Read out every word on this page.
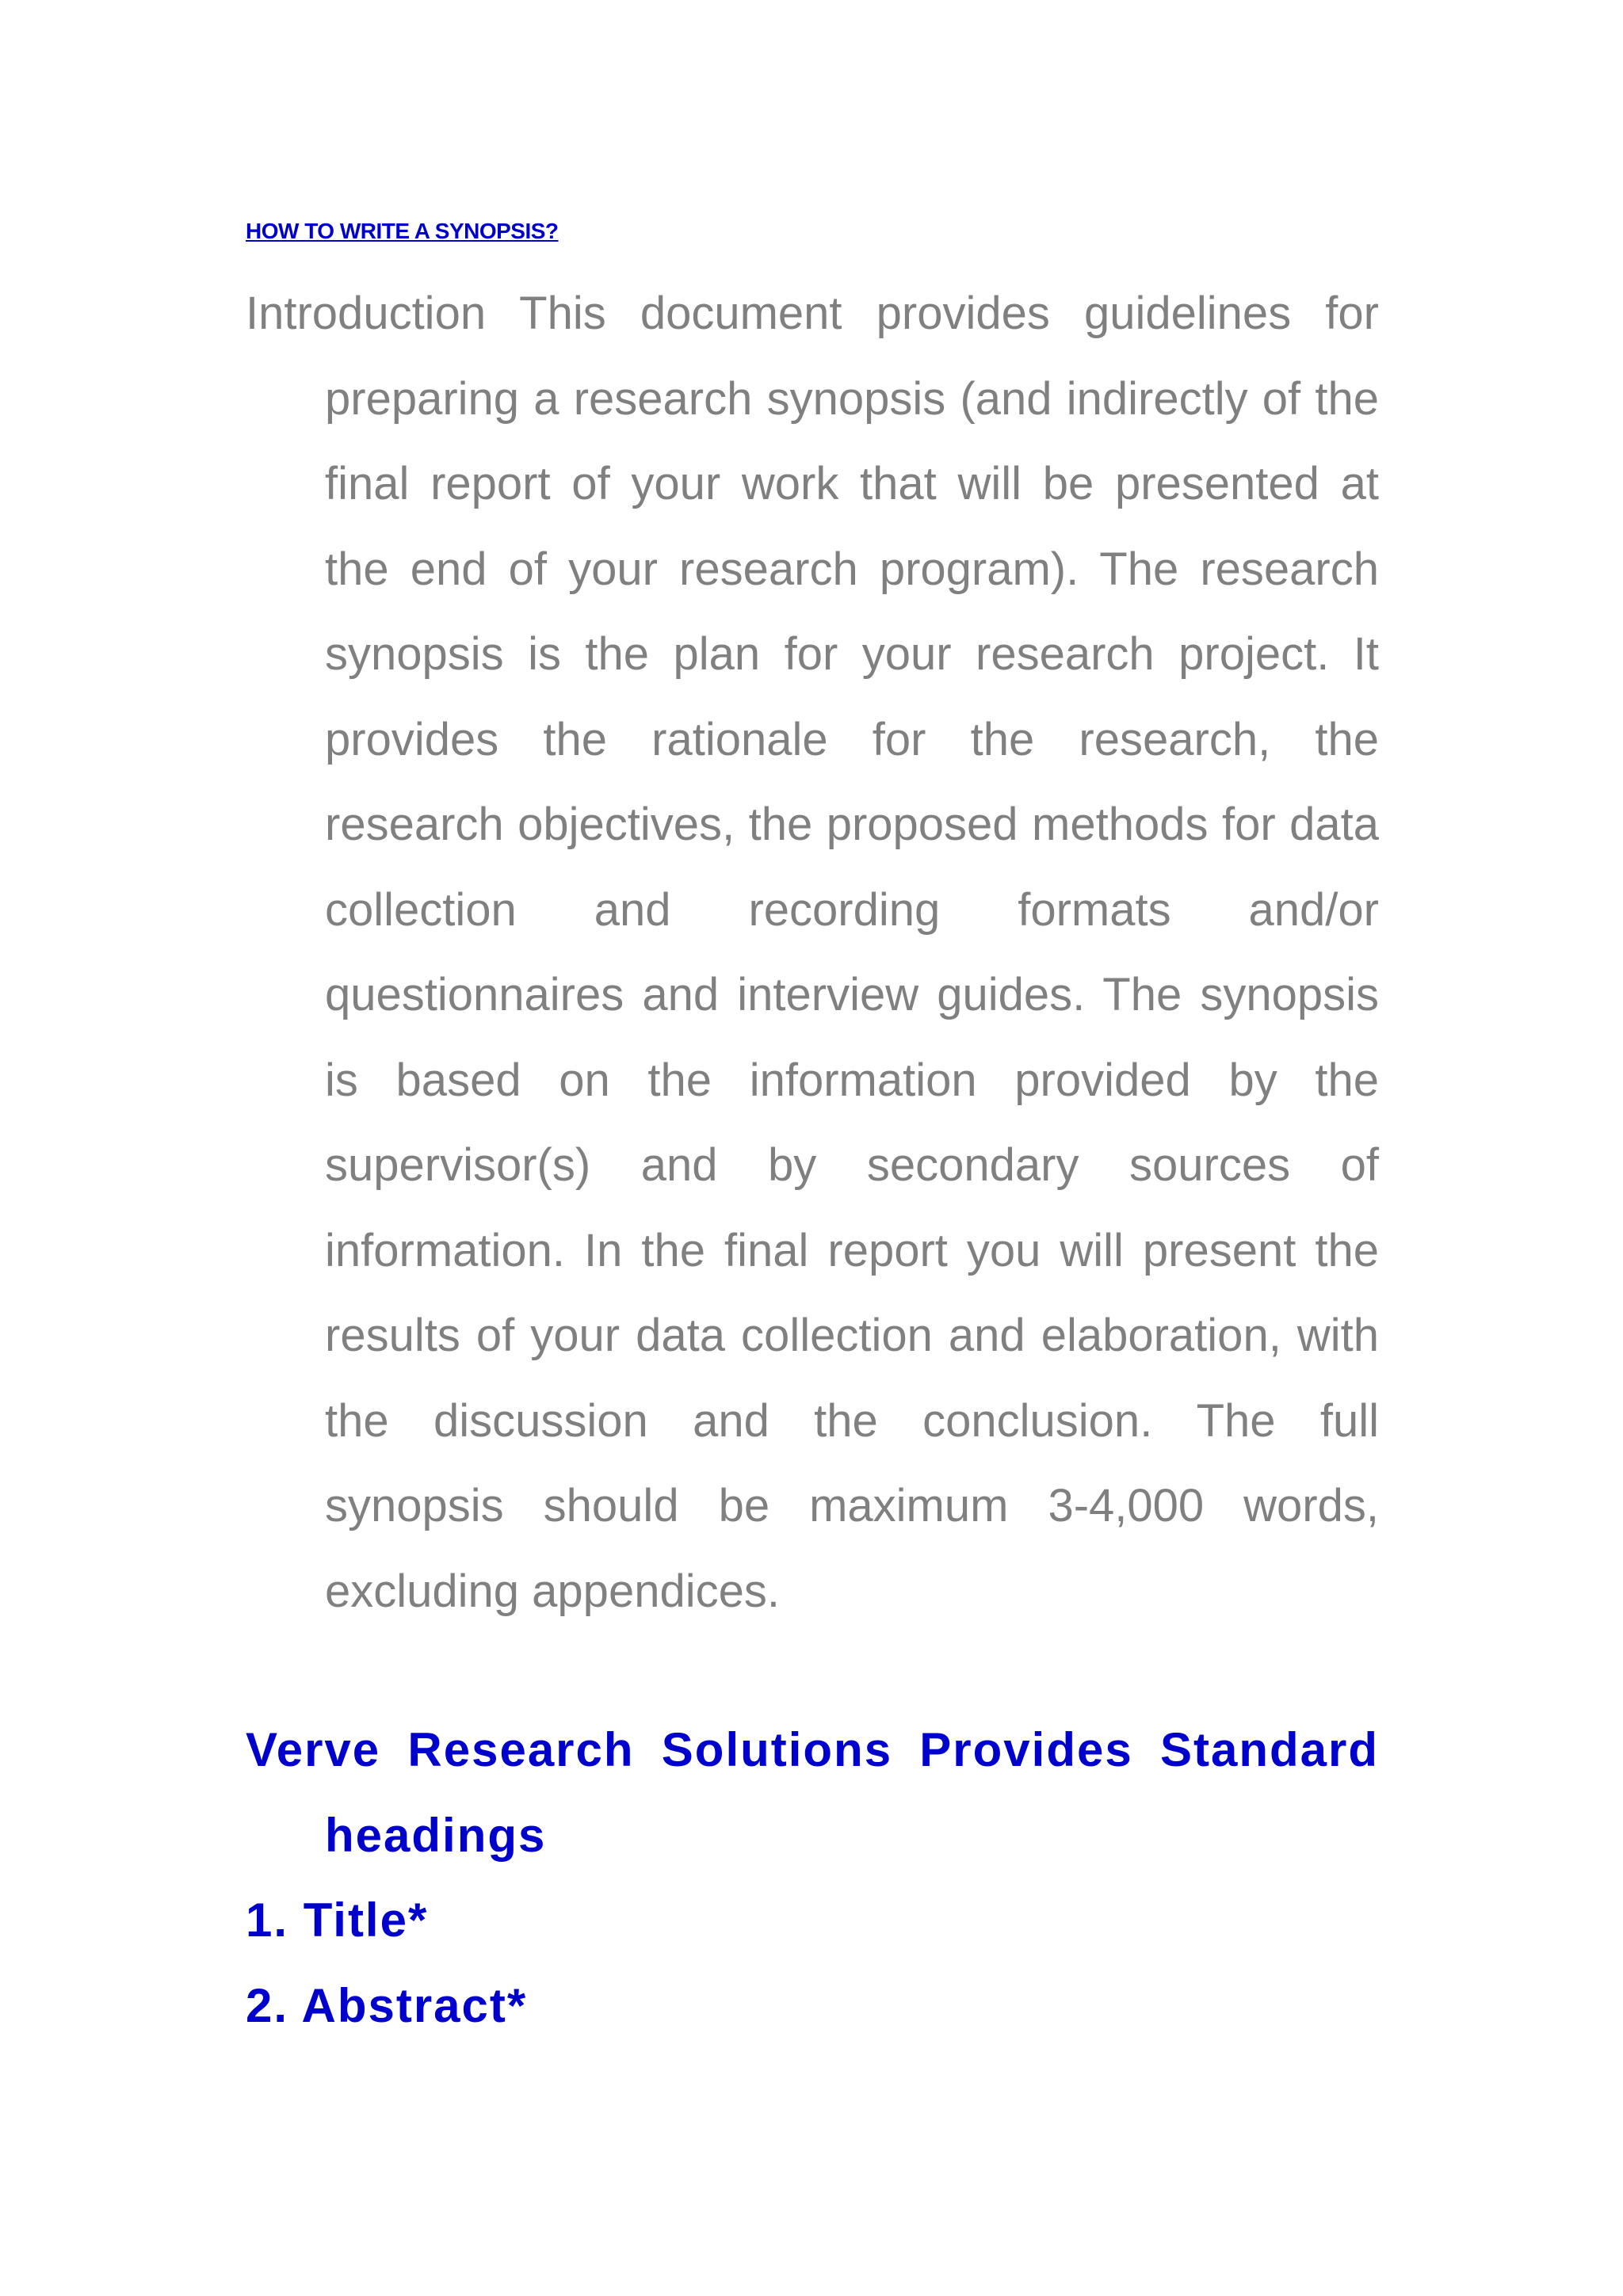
HOW TO WRITE A SYNOPSIS?

Introduction This document provides guidelines for preparing a research synopsis (and indirectly of the final report of your work that will be presented at the end of your research program). The research synopsis is the plan for your research project. It provides the rationale for the research, the research objectives, the proposed methods for data collection and recording formats and/or questionnaires and interview guides. The synopsis is based on the information provided by the supervisor(s) and by secondary sources of information. In the final report you will present the results of your data collection and elaboration, with the discussion and the conclusion. The full synopsis should be maximum 3-4,000 words, excluding appendices.

Verve Research Solutions Provides Standard headings

1. Title*

2. Abstract*
